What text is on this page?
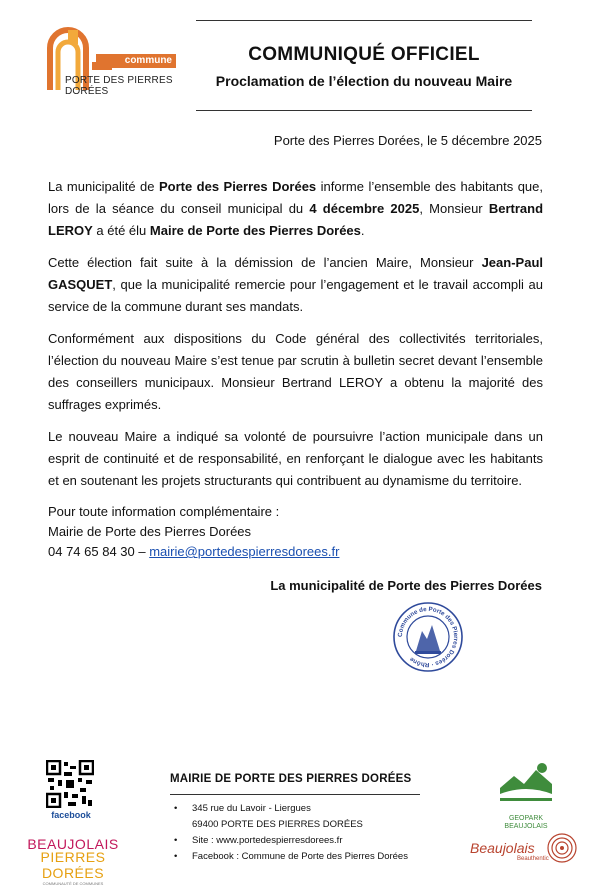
commune
PORTE DES PIERRES DORÉES
COMMUNIQUÉ OFFICIEL
Proclamation de l’élection du nouveau Maire
Porte des Pierres Dorées, le 5 décembre 2025

La municipalité de Porte des Pierres Dorées informe l’ensemble des habitants que, lors de la séance du conseil municipal du 4 décembre 2025, Monsieur Bertrand LEROY a été élu Maire de Porte des Pierres Dorées.

Cette élection fait suite à la démission de l’ancien Maire, Monsieur Jean-Paul GASQUET, que la municipalité remercie pour l’engagement et le travail accompli au service de la commune durant ses mandats.

Conformément aux dispositions du Code général des collectivités territoriales, l’élection du nouveau Maire s’est tenue par scrutin à bulletin secret devant l’ensemble des conseillers municipaux. Monsieur Bertrand LEROY a obtenu la majorité des suffrages exprimés.

Le nouveau Maire a indiqué sa volonté de poursuivre l’action municipale dans un esprit de continuité et de responsabilité, en renforçant le dialogue avec les habitants et en soutenant les projets structurants qui contribuent au dynamisme du territoire.

Pour toute information complémentaire :
Mairie de Porte des Pierres Dorées
04 74 65 84 30 – mairie@portedespierresdorees.fr
La municipalité de Porte des Pierres Dorées
Commune de Porte des Pierres Dorées · Rhône
facebook
BEAUJOLAIS
PIERRES DORÉES
COMMUNAUTÉ DE COMMUNES
MAIRIE DE PORTE DES PIERRES DORÉES
• 345 rue du Lavoir - Liergues
69400 PORTE DES PIERRES DORÉES
• Site : www.portedespierresdorees.fr
• Facebook : Commune de Porte des Pierres Dorées
GEOPARK
BEAUJOLAIS
Beaujolais
Beauthentic
